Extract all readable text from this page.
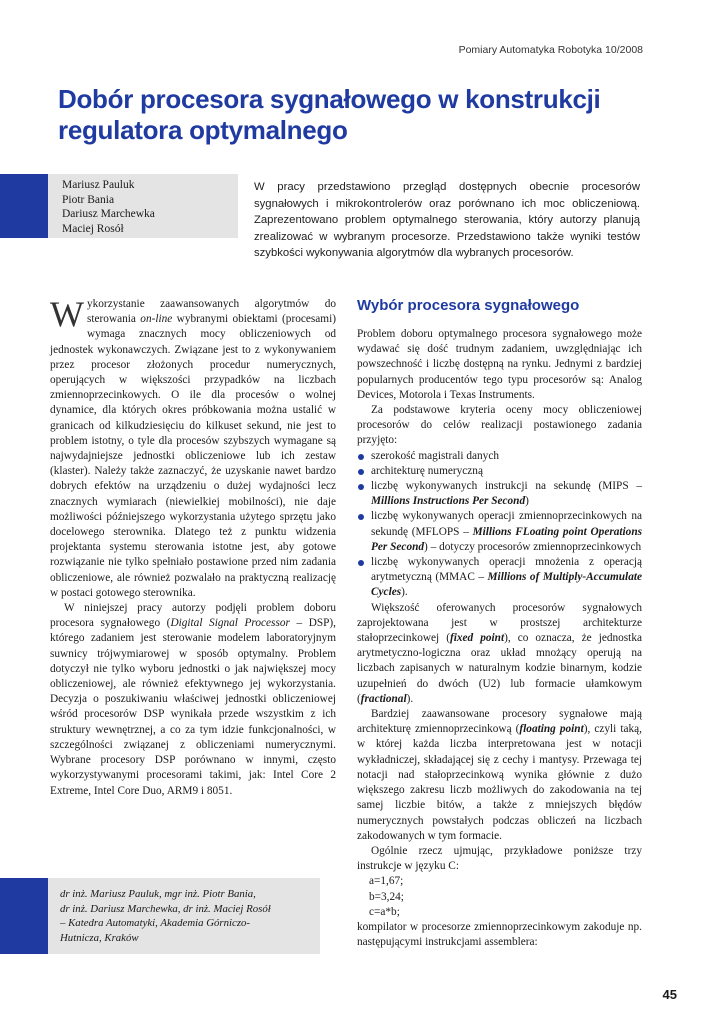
Pomiary Automatyka Robotyka 10/2008
Dobór procesora sygnałowego w konstrukcji
regulatora optymalnego
Mariusz Pauluk
Piotr Bania
Dariusz Marchewka
Maciej Rosół

W pracy przedstawiono przegląd dostępnych obecnie procesorów sygnałowych i mikrokontrolerów oraz porównano ich moc obliczeniową. Zaprezentowano problem optymalnego sterowania, który autorzy planują zrealizować w wybranym procesorze. Przedstawiono także wyniki testów szybkości wykonywania algorytmów dla wybranych procesorów.

Wykorzystanie zaawansowanych algorytmów do sterowania on-line wybranymi obiektami (procesami) wymaga znacznych mocy obliczeniowych od jednostek wykonawczych. Związane jest to z wykonywaniem przez procesor złożonych procedur numerycznych, operujących w większości przypadków na liczbach zmiennoprzecinkowych. O ile dla procesów o wolnej dynamice, dla których okres próbkowania można ustalić w granicach od kilkudziesięciu do kilkuset sekund, nie jest to problem istotny, o tyle dla procesów szybszych wymagane są najwydajniejsze jednostki obliczeniowe lub ich zestaw (klaster). Należy także zaznaczyć, że uzyskanie nawet bardzo dobrych efektów na urządzeniu o dużej wydajności lecz znacznych wymiarach (niewielkiej mobilności), nie daje możliwości późniejszego wykorzystania użytego sprzętu jako docelowego sterownika. Dlatego też z punktu widzenia projektanta systemu sterowania istotne jest, aby gotowe rozwiązanie nie tylko spełniało postawione przed nim zadania obliczeniowe, ale również pozwalało na praktyczną realizację w postaci gotowego sterownika.

W niniejszej pracy autorzy podjęli problem doboru procesora sygnałowego (Digital Signal Processor – DSP), którego zadaniem jest sterowanie modelem laboratoryjnym suwnicy trójwymiarowej w sposób optymalny. Problem dotyczył nie tylko wyboru jednostki o jak największej mocy obliczeniowej, ale również efektywnego jej wykorzystania. Decyzja o poszukiwaniu właściwej jednostki obliczeniowej wśród procesorów DSP wynikała przede wszystkim z ich struktury wewnętrznej, a co za tym idzie funkcjonalności, w szczególności związanej z obliczeniami numerycznymi. Wybrane procesory DSP porównano w innymi, często wykorzystywanymi procesorami takimi, jak: Intel Core 2 Extreme, Intel Core Duo, ARM9 i 8051.

Wybór procesora sygnałowego

Problem doboru optymalnego procesora sygnałowego może wydawać się dość trudnym zadaniem, uwzględniając ich powszechność i liczbę dostępną na rynku. Jednymi z bardziej popularnych producentów tego typu procesorów są: Analog Devices, Motorola i Texas Instruments.

Za podstawowe kryteria oceny mocy obliczeniowej procesorów do celów realizacji postawionego zadania przyjęto:

szerokość magistrali danych
architekturę numeryczną
liczbę wykonywanych instrukcji na sekundę (MIPS – Millions Instructions Per Second)
liczbę wykonywanych operacji zmiennoprzecinkowych na sekundę (MFLOPS – Millions FLoating point Operations Per Second) – dotyczy procesorów zmiennoprzecinkowych
liczbę wykonywanych operacji mnożenia z operacją arytmetyczną (MMAC – Millions of Multiply-Accumulate Cycles).

Większość oferowanych procesorów sygnałowych zaprojektowana jest w prostszej architekturze stałoprzecinkowej (fixed point), co oznacza, że jednostka arytmetyczno-logiczna oraz układ mnożący operują na liczbach zapisanych w naturalnym kodzie binarnym, kodzie uzupełnień do dwóch (U2) lub formacie ułamkowym (fractional).

Bardziej zaawansowane procesory sygnałowe mają architekturę zmiennoprzecinkową (floating point), czyli taką, w której każda liczba interpretowana jest w notacji wykładniczej, składającej się z cechy i mantysy. Przewaga tej notacji nad stałoprzecinkową wynika głównie z dużo większego zakresu liczb możliwych do zakodowania na tej samej liczbie bitów, a także z mniejszych błędów numerycznych powstałych podczas obliczeń na liczbach zakodowanych w tym formacie.

Ogólnie rzecz ujmując, przykładowe poniższe trzy instrukcje w języku C:

a=1,67;
b=3,24;
c=a*b;

kompilator w procesorze zmiennoprzecinkowym zakoduje np. następującymi instrukcjami assemblera:

dr inż. Mariusz Pauluk, mgr inż. Piotr Bania,
dr inż. Dariusz Marchewka, dr inż. Maciej Rosół
– Katedra Automatyki, Akademia Górniczo-
Hutnicza, Kraków
45
